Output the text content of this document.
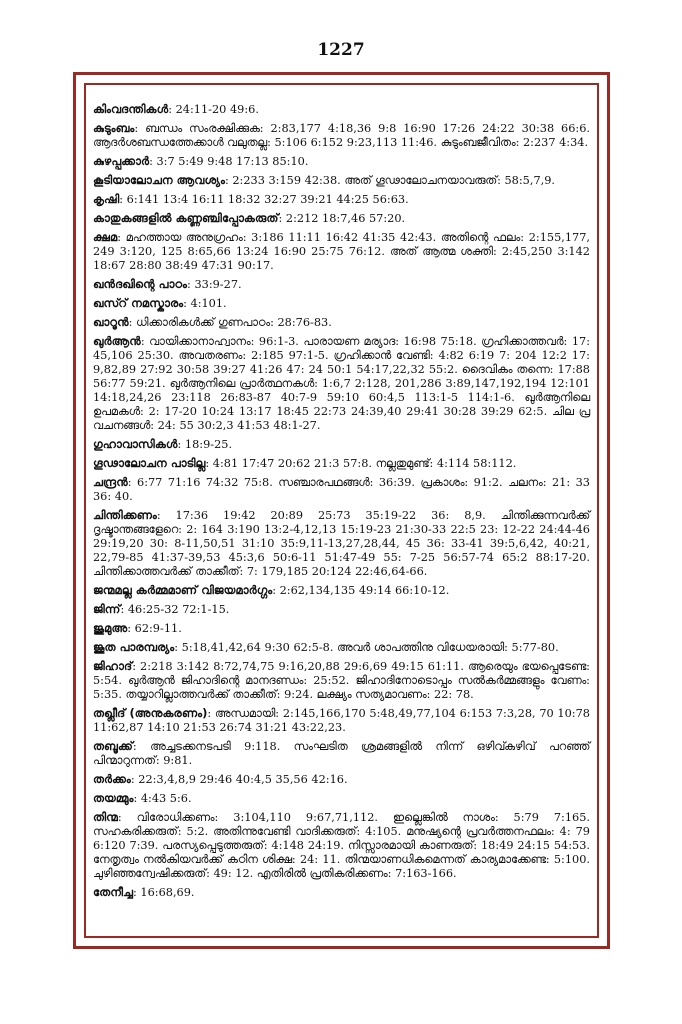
1227

കിംവദന്തികൾ: 24:11-20 49:6.

കുടുംബം: ബന്ധം സംരക്ഷിക്കുക: 2:83,177 4:18,36 9:8 16:90 17:26 24:22 30:38 66:6. ആദർശബന്ധത്തേക്കാൾ വലുതല്ല: 5:106 6:152 9:23,113 11:46. കുടുംബജീവിതം: 2:237 4:34.

കുഴപ്പക്കാർ: 3:7 5:49 9:48 17:13 85:10.

കൂടിയാലോചന ആവശ്യം: 2:233 3:159 42:38. അത് ഗൂഢാലോചനയാവരുത്: 58:5,7,9.

കൃഷി: 6:141 13:4 16:11 18:32 32:27 39:21 44:25 56:63.

കാതുകങ്ങളിൽ കണ്ണഞ്ചിപ്പോകരുത്: 2:212 18:7,46 57:20.

ക്ഷമ: മഹത്തായ അനുഗ്രഹം: 3:186 11:11 16:42 41:35 42:43. അതിന്റെ ഫലം: 2:155,177, 249 3:120, 125 8:65,66 13:24 16:90 25:75 76:12. അത് ആത്മ ശക്തി: 2:45,250 3:142 18:67 28:80 38:49 47:31 90:17.

ഖൻദഖിന്റെ പാഠം: 33:9-27.

ഖസ്റ് നമസ്കാരം: 4:101.

ഖാറൂൻ: ധിക്കാരികൾക്ക് ഗുണപാഠം: 28:76-83.

ഖുർആൻ: വായിക്കാനാഹ്വാനം: 96:1-3. പാരായണ മര്യാദ: 16:98 75:18. ഗ്രഹിക്കാത്തവർ: 17: 45,106 25:30. അവതരണം: 2:185 97:1-5. ഗ്രഹിക്കാൻ വേണ്ടി: 4:82 6:19 7: 204 12:2 17: 9,82,89 27:92 30:58 39:27 41:26 47: 24 50:1 54:17,22,32 55:2. ദൈവികം തന്നെ: 17:88 56:77 59:21. ഖുർആനിലെ പ്രാർത്ഥനകൾ: 1:6,7 2:128, 201,286 3:89,147,192,194 12:101 14:18,24,26 23:118 26:83-87 40:7-9 59:10 60:4,5 113:1-5 114:1-6. ഖുർആനിലെ ഉപമകൾ: 2: 17-20 10:24 13:17 18:45 22:73 24:39,40 29:41 30:28 39:29 62:5. ചില പ്ര വചനങ്ങൾ: 24: 55 30:2,3 41:53 48:1-27.

ഗുഹാവാസികൾ: 18:9-25.

ഗൂഢാലോചന പാടില്ല: 4:81 17:47 20:62 21:3 57:8. നല്ലതുമുണ്ട്: 4:114 58:112.

ചന്ദ്രൻ: 6:77 71:16 74:32 75:8. സഞ്ചാരപഥങ്ങൾ: 36:39. പ്രകാശം: 91:2. ചലനം: 21: 33 36: 40.

ചിന്തിക്കണം: 17:36 19:42 20:89 25:73 35:19-22 36: 8,9. ചിന്തിക്കുന്നവർക്ക് ദൃഷ്ടാന്തങ്ങളേറെ: 2: 164 3:190 13:2-4,12,13 15:19-23 21:30-33 22:5 23: 12-22 24:44-46 29:19,20 30: 8-11,50,51 31:10 35:9,11-13,27,28,44, 45 36: 33-41 39:5,6,42, 40:21, 22,79-85 41:37-39,53 45:3,6 50:6-11 51:47-49 55: 7-25 56:57-74 65:2 88:17-20. ചിന്തിക്കാത്തവർക്ക് താക്കീത്: 7: 179,185 20:124 22:46,64-66.

ജന്മമല്ല കർമ്മമാണ് വിജയമാർഗ്ഗം: 2:62,134,135 49:14 66:10-12.

ജിന്ന്: 46:25-32 72:1-15.

ജുമുഅ: 62:9-11.

ജൂത പാരമ്പര്യം: 5:18,41,42,64 9:30 62:5-8. അവർ ശാപത്തിനു വിധേയരായി: 5:77-80.

ജിഹാദ്: 2:218 3:142 8:72,74,75 9:16,20,88 29:6,69 49:15 61:11. ആരെയും ഭയപ്പെടേണ്ട: 5:54. ഖുർആൻ ജിഹാദിന്റെ മാനദണ്ഡം: 25:52. ജിഹാദിനോടൊപ്പം സൽകർമ്മങ്ങളും വേണം: 5:35. തയ്യാറില്ലാത്തവർക്ക് താക്കീത്: 9:24. ലക്ഷ്യം സത്യമാവണം: 22: 78.

തഖ്ലീദ് (അനുകരണം): അന്ധമായി: 2:145,166,170 5:48,49,77,104 6:153 7:3,28, 70 10:78 11:62,87 14:10 21:53 26:74 31:21 43:22,23.

തബൂക്ക്: അച്ചടക്കനടപടി 9:118. സംഘടിത ശ്രമങ്ങളിൽ നിന്ന് ഒഴിവ്കഴിവ് പറഞ്ഞ് പിന്മാറുന്നത്: 9:81.

തർക്കം: 22:3,4,8,9 29:46 40:4,5 35,56 42:16.

തയമ്മും: 4:43 5:6.

തിന്മ: വിരോധിക്കണം: 3:104,110 9:67,71,112. ഇല്ലെങ്കിൽ നാശം: 5:79 7:165. സഹകരിക്കരുത്: 5:2. അതിന്നുവേണ്ടി വാദിക്കരുത്: 4:105. മനുഷ്യന്റെ പ്രവർത്തനഫലം: 4: 79 6:120 7:39. പരസ്യപ്പെടുത്തരുത്: 4:148 24:19. നിസ്സാരമായി കാണരുത്: 18:49 24:15 54:53. നേതൃത്വം നൽകിയവർക്ക് കഠിന ശിക്ഷ: 24: 11. തിന്മയാണധികമെന്നത് കാര്യമാക്കേണ്ട: 5:100. ചുഴിഞ്ഞന്വേഷിക്കരുത്: 49: 12. എതിരിൽ പ്രതികരിക്കണം: 7:163-166.

തേനീച്ച: 16:68,69.
